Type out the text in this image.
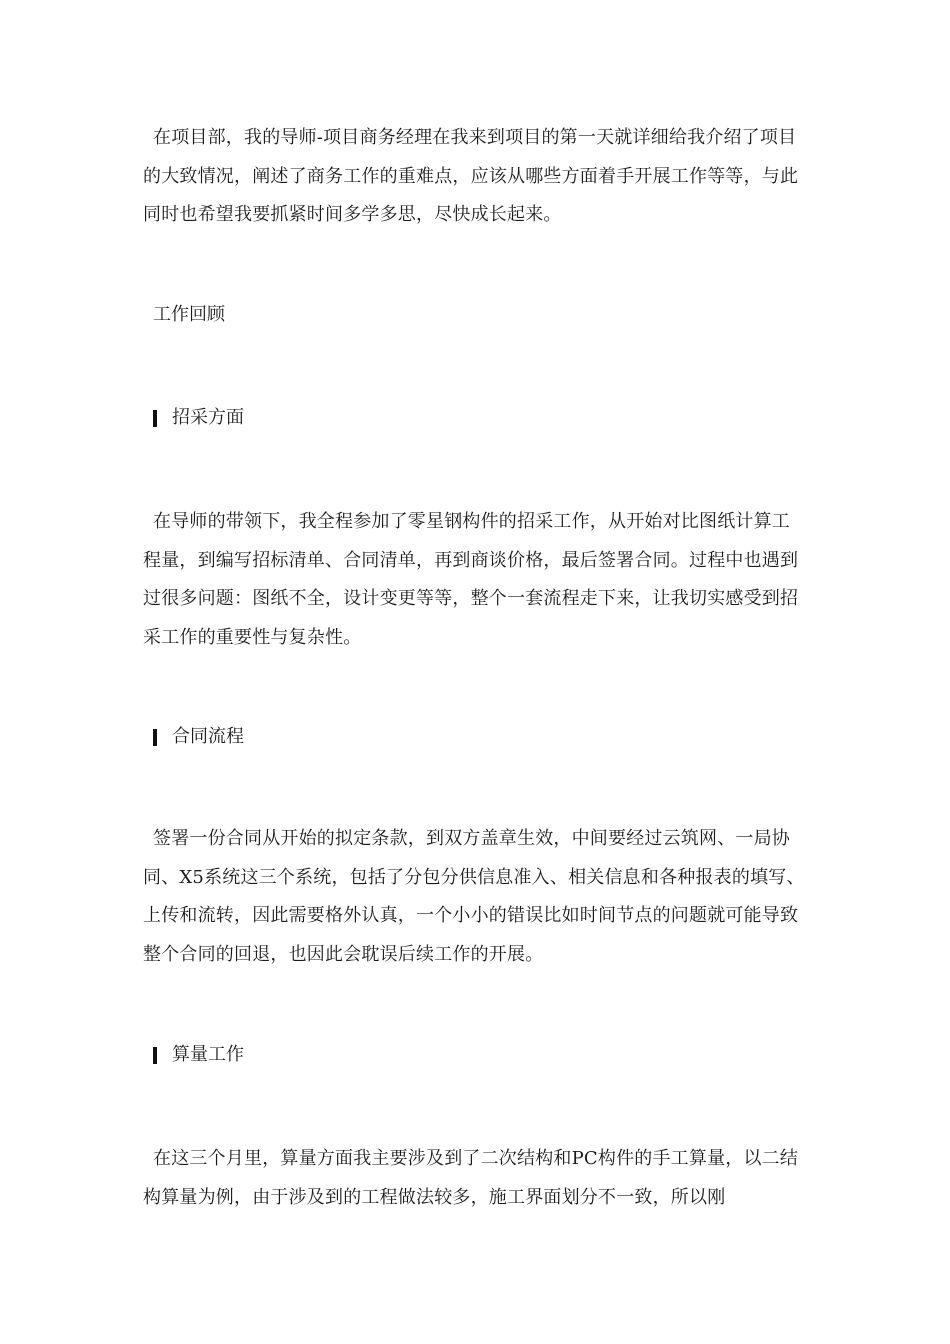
在项目部，我的导师-项目商务经理在我来到项目的第一天就详细给我介绍了项目的大致情况，阐述了商务工作的重难点，应该从哪些方面着手开展工作等等，与此同时也希望我要抓紧时间多学多思，尽快成长起来。

工作回顾
招采方面

在导师的带领下，我全程参加了零星钢构件的招采工作，从开始对比图纸计算工程量，到编写招标清单、合同清单，再到商谈价格，最后签署合同。过程中也遇到过很多问题：图纸不全，设计变更等等，整个一套流程走下来，让我切实感受到招采工作的重要性与复杂性。

合同流程

签署一份合同从开始的拟定条款，到双方盖章生效，中间要经过云筑网、一局协同、X5系统这三个系统，包括了分包分供信息准入、相关信息和各种报表的填写、上传和流转，因此需要格外认真，一个小小的错误比如时间节点的问题就可能导致整个合同的回退，也因此会耽误后续工作的开展。

算量工作

在这三个月里，算量方面我主要涉及到了二次结构和PC构件的手工算量，以二结构算量为例，由于涉及到的工程做法较多，施工界面划分不一致，所以刚
